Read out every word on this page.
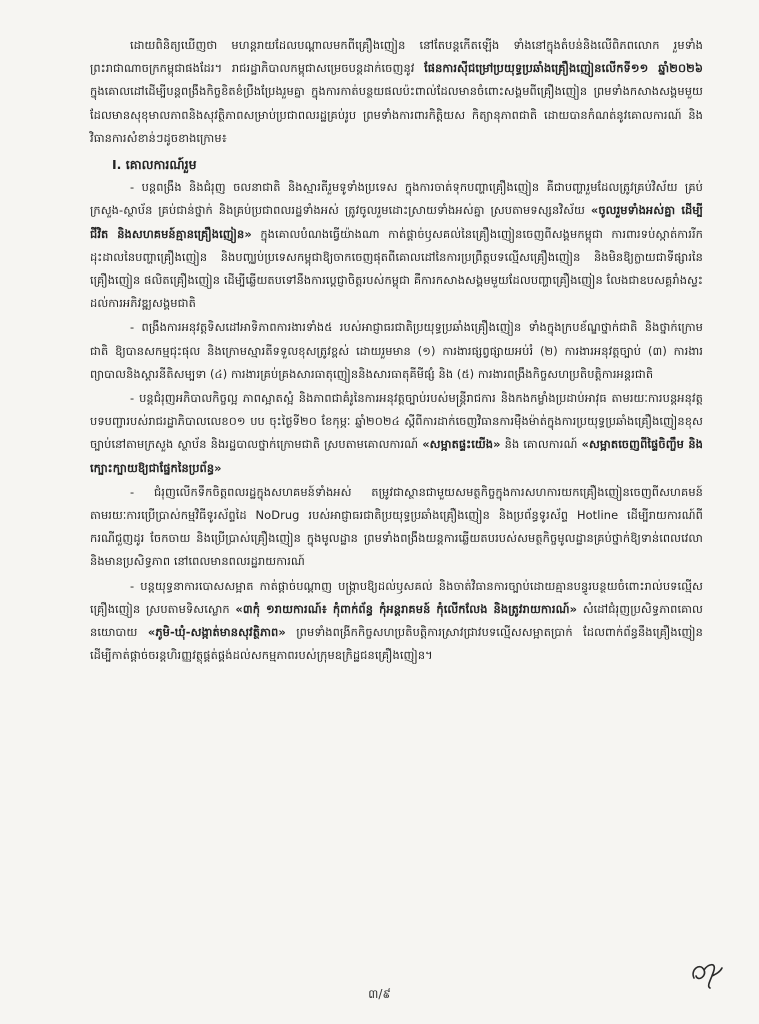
ដោយពិនិត្យឃើញថា មហន្តរាយដែលបណ្តាលមកពីគ្រឿងញៀន នៅតែបន្តកើតឡើង ទាំងនៅក្នុងតំបន់និងលើពិភពលោក រួមទាំងព្រះរាជាណាចក្រកម្ពុជាផងដែរ។ រាជរដ្ឋាភិបាលកម្ពុជាសម្រេចបន្តដាក់ចេញនូវ ផែនការស៊ីជម្រៅប្រយុទ្ធប្រឆាំងគ្រឿងញៀនលើកទី១១ ឆ្នាំ២០២៦ ក្នុងគោលដៅដើម្បីបន្តពង្រឹងកិច្ចខិតខំប្រឹងប្រែងរួមគ្នា ក្នុងការកាត់បន្ថយផលប៉ះពាល់ដែលមានចំពោះសង្គមពីគ្រឿងញៀន ព្រមទាំងកសាងសង្គមមួយដែលមានសុខុមាលភាពនិងសុវត្ថិភាពសម្រាប់ប្រជាពលរដ្ឋគ្រប់រូប ព្រមទាំងការពារកិត្តិយស កិត្យានុភាពជាតិ ដោយបានកំណត់នូវគោលការណ៍ និងវិធានការសំខាន់ៗដូចខាងក្រោម៖

I. គោលការណ៍រួម

- បន្តពង្រឹង និងជំរុញ ចលនាជាតិ និងស្មារតីរួមទូទាំងប្រទេស ក្នុងការចាត់ទុកបញ្ហាគ្រឿងញៀន គឺជាបញ្ហារួមដែលត្រូវគ្រប់វិស័យ គ្រប់ក្រសួង-ស្ថាប័ន គ្រប់ជាន់ថ្នាក់ និងគ្រប់ប្រជាពលរដ្ឋទាំងអស់ ត្រូវចូលរួមដោះស្រាយទាំងអស់គ្នា ស្របតាមទស្សនវិស័យ «ចូលរួមទាំងអស់គ្នា ដើម្បីជីវិត និងសហគមន៍គ្មានគ្រឿងញៀន» ក្នុងគោលបំណងធ្វើយ៉ាងណា កាត់ផ្តាច់ឫសគល់នៃគ្រឿងញៀនចេញពីសង្គមកម្ពុជា ការពារទប់ស្កាត់ការរីកដុះដាលនៃបញ្ហាគ្រឿងញៀន និងបញ្ឈប់ប្រទេសកម្ពុជាឱ្យចាកចេញផុតពីគោលដៅនៃការប្រព្រឹត្តបទល្មើសគ្រឿងញៀន និងមិនឱ្យក្លាយជាទីផ្សារនៃគ្រឿងញៀន ផលិតគ្រឿងញៀន ដើម្បីឆ្លើយតបទៅនឹងការប្តេជ្ញាចិត្តរបស់កម្ពុជា គឺការកសាងសង្គមមួយដែលបញ្ហាគ្រឿងញៀន លែងជាឧបសគ្គរាំងស្ទះដល់ការអភិវឌ្ឍសង្គមជាតិ

- ពង្រឹងការអនុវត្តទិសដៅអាទិភាពការងារទាំង៥ របស់អាជ្ញាធរជាតិប្រយុទ្ធប្រឆាំងគ្រឿងញៀន ទាំងក្នុងក្របខ័ណ្ឌថ្នាក់ជាតិ និងថ្នាក់ក្រោមជាតិ ឱ្យបានសកម្មជុះផុល និងក្រោមស្មារតីទទួលខុសត្រូវខ្ពស់ ដោយរួមមាន (១) ការងារផ្សព្វផ្សាយអប់រំ (២) ការងារអនុវត្តច្បាប់ (៣) ការងារព្យាបាលនិងស្តារនីតិសម្បទា (៤) ការងារគ្រប់គ្រងសារធាតុញៀននិងសារធាតុគីមីផ្សំ និង (៥) ការងារពង្រឹងកិច្ចសហប្រតិបត្តិការអន្តរជាតិ

- បន្តជំរុញអភិបាលកិច្ចល្អ ភាពស្អាតស្អំ និងភាពជាគំរូនៃការអនុវត្តច្បាប់របស់មន្ត្រីរាជការ និងកងកម្លាំងប្រដាប់អាវុធ តាមរយៈការបន្តអនុវត្តបទបញ្ជារបស់រាជរដ្ឋាភិបាលលេខ០១ បប ចុះថ្ងៃទី២០ ខែកុម្ភៈ ឆ្នាំ២០២៤ ស្តីពីការដាក់ចេញវិធានការម៉ឺងម៉ាត់ក្នុងការប្រយុទ្ធប្រឆាំងគ្រឿងញៀនខុសច្បាប់នៅតាមក្រសួង ស្ថាប័ន និងរដ្ឋបាលថ្នាក់ក្រោមជាតិ ស្របតាមគោលការណ៍ «សម្អាតផ្ទះយើង» និង គោលការណ៍ «សម្អាតចេញពីផ្ទៃចិញ្ចឹម និងក្បោះក្បាយឱ្យជាផ្នែកនៃប្រព័ន្ធ»

- ជំរុញលើកទឹកចិត្តពលរដ្ឋក្នុងសហគមន៍ទាំងអស់ តម្រូវជាស្ថានជាមួយសមត្ថកិច្ចក្នុងការសហការយកគ្រឿងញៀនចេញពីសហគមន៍ តាមរយៈការប្រើប្រាស់កម្មវិធីទូរស័ព្ទដៃ NoDrug របស់អាជ្ញាធរជាតិប្រយុទ្ធប្រឆាំងគ្រឿងញៀន និងប្រព័ន្ធទូរស័ព្ទ Hotline ដើម្បីរាយការណ៍ពីករណីជួញដូរ ចែកចាយ និងប្រើប្រាស់គ្រឿងញៀន ក្នុងមូលដ្ឋាន ព្រមទាំងពង្រឹងយន្តការឆ្លើយតបរបស់សមត្ថកិច្ចមូលដ្ឋានគ្រប់ថ្នាក់ឱ្យទាន់ពេលវេលានិងមានប្រសិទ្ធភាព នៅពេលមានពលរដ្ឋរាយការណ៍

- បន្តយុទ្ធនាការបោសសម្អាត កាត់ផ្តាច់បណ្តាញ បង្ក្រាបឱ្យដល់ឫសគល់ និងចាត់វិធានការច្បាប់ដោយគ្មានបន្ធូរបន្ថយចំពោះរាល់បទល្មើសគ្រឿងញៀន ស្របតាមទិសស្លោក «៣កុំ ១រាយការណ៍៖ កុំពាក់ព័ន្ធ កុំអន្តរាគមន៍ កុំលើកលែង និងត្រូវរាយការណ៍» សំដៅជំរុញប្រសិទ្ធភាពគោលនយោបាយ «ភូមិ-ឃុំ-សង្កាត់មានសុវត្ថិភាព» ព្រមទាំងពង្រីកកិច្ចសហប្រតិបត្តិការស្រាវជ្រាវបទល្មើសសម្អាតប្រាក់ ដែលពាក់ព័ន្ធនឹងគ្រឿងញៀន ដើម្បីកាត់ផ្តាច់ចរន្តហិរញ្ញវត្ថុផ្គត់ផ្គង់ដល់សកម្មភាពរបស់ក្រុមឧក្រិដ្ឋជនគ្រឿងញៀន។

៣/៩
